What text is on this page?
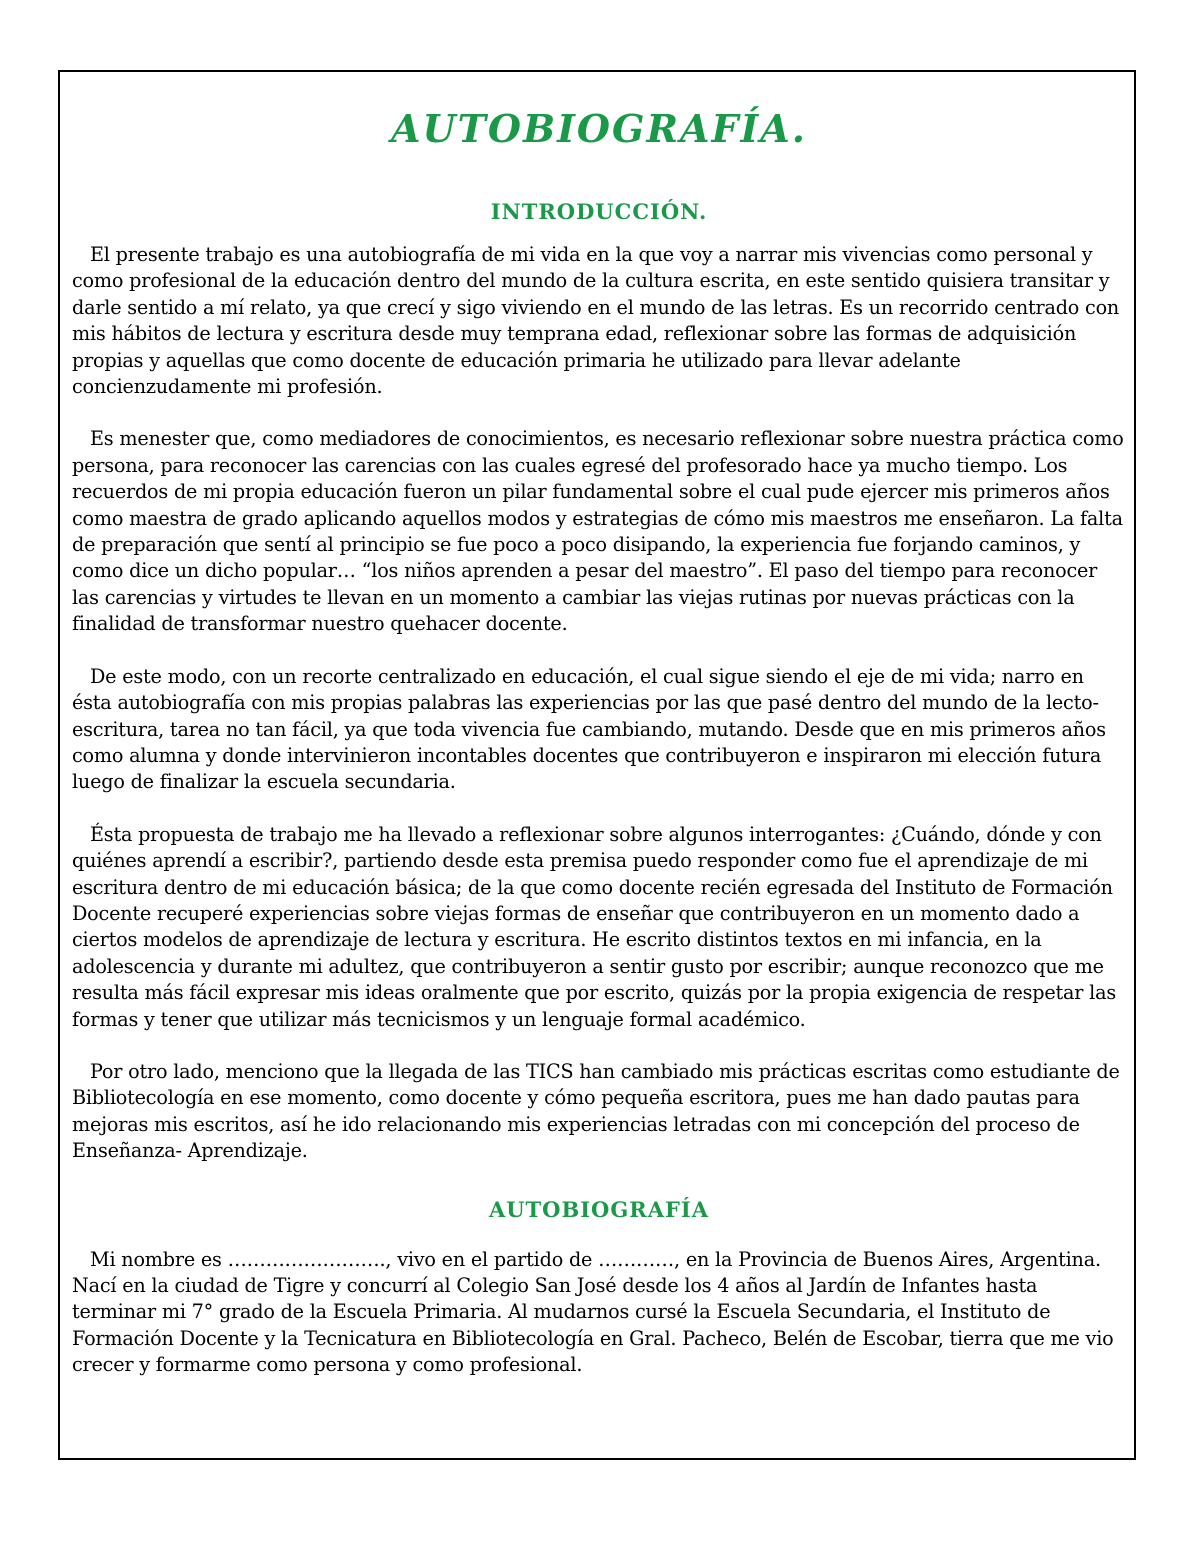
AUTOBIOGRAFÍA.
INTRODUCCIÓN.

El presente trabajo es una autobiografía de mi vida en la que voy a narrar mis vivencias como personal y como profesional de la educación dentro del mundo de la cultura escrita, en este sentido quisiera transitar y darle sentido a mí relato, ya que crecí y sigo viviendo en el mundo de las letras. Es un recorrido centrado con mis hábitos de lectura y escritura desde muy temprana edad, reflexionar sobre las formas de adquisición propias y aquellas que como docente de educación primaria he utilizado para llevar adelante concienzudamente mi profesión.

Es menester que, como mediadores de conocimientos, es necesario reflexionar sobre nuestra práctica como persona, para reconocer las carencias con las cuales egresé del profesorado hace ya mucho tiempo. Los recuerdos de mi propia educación fueron un pilar fundamental sobre el cual pude ejercer mis primeros años como maestra de grado aplicando aquellos modos y estrategias de cómo mis maestros me enseñaron. La falta de preparación que sentí al principio se fue poco a poco disipando, la experiencia fue forjando caminos, y como dice un dicho popular… “los niños aprenden a pesar del maestro”. El paso del tiempo para reconocer las carencias y virtudes te llevan en un momento a cambiar las viejas rutinas por nuevas prácticas con la finalidad de transformar nuestro quehacer docente.

De este modo, con un recorte centralizado en educación, el cual sigue siendo el eje de mi vida; narro en ésta autobiografía con mis propias palabras las experiencias por las que pasé dentro del mundo de la lecto-escritura, tarea no tan fácil, ya que toda vivencia fue cambiando, mutando. Desde que en mis primeros años como alumna y donde intervinieron incontables docentes que contribuyeron e inspiraron mi elección futura luego de finalizar la escuela secundaria.

Ésta propuesta de trabajo me ha llevado a reflexionar sobre algunos interrogantes: ¿Cuándo, dónde y con quiénes aprendí a escribir?, partiendo desde esta premisa puedo responder como fue el aprendizaje de mi escritura dentro de mi educación básica; de la que como docente recién egresada del Instituto de Formación Docente recuperé experiencias sobre viejas formas de enseñar que contribuyeron en un momento dado a ciertos modelos de aprendizaje de lectura y escritura. He escrito distintos textos en mi infancia, en la adolescencia y durante mi adultez, que contribuyeron a sentir gusto por escribir; aunque reconozco que me resulta más fácil expresar mis ideas oralmente que por escrito, quizás por la propia exigencia de respetar las formas y tener que utilizar más tecnicismos y un lenguaje formal académico.

Por otro lado, menciono que la llegada de las TICS han cambiado mis prácticas escritas como estudiante de Bibliotecología en ese momento, como docente y cómo pequeña escritora, pues me han dado pautas para mejoras mis escritos, así he ido relacionando mis experiencias letradas con mi concepción del proceso de Enseñanza- Aprendizaje.

AUTOBIOGRAFÍA

Mi nombre es ……………………., vivo en el partido de …………, en la Provincia de Buenos Aires, Argentina. Nací en la ciudad de Tigre y concurrí al Colegio San José desde los 4 años al Jardín de Infantes hasta terminar mi 7° grado de la Escuela Primaria. Al mudarnos cursé la Escuela Secundaria, el Instituto de Formación Docente y la Tecnicatura en Bibliotecología en Gral. Pacheco, Belén de Escobar, tierra que me vio crecer y formarme como persona y como profesional.
